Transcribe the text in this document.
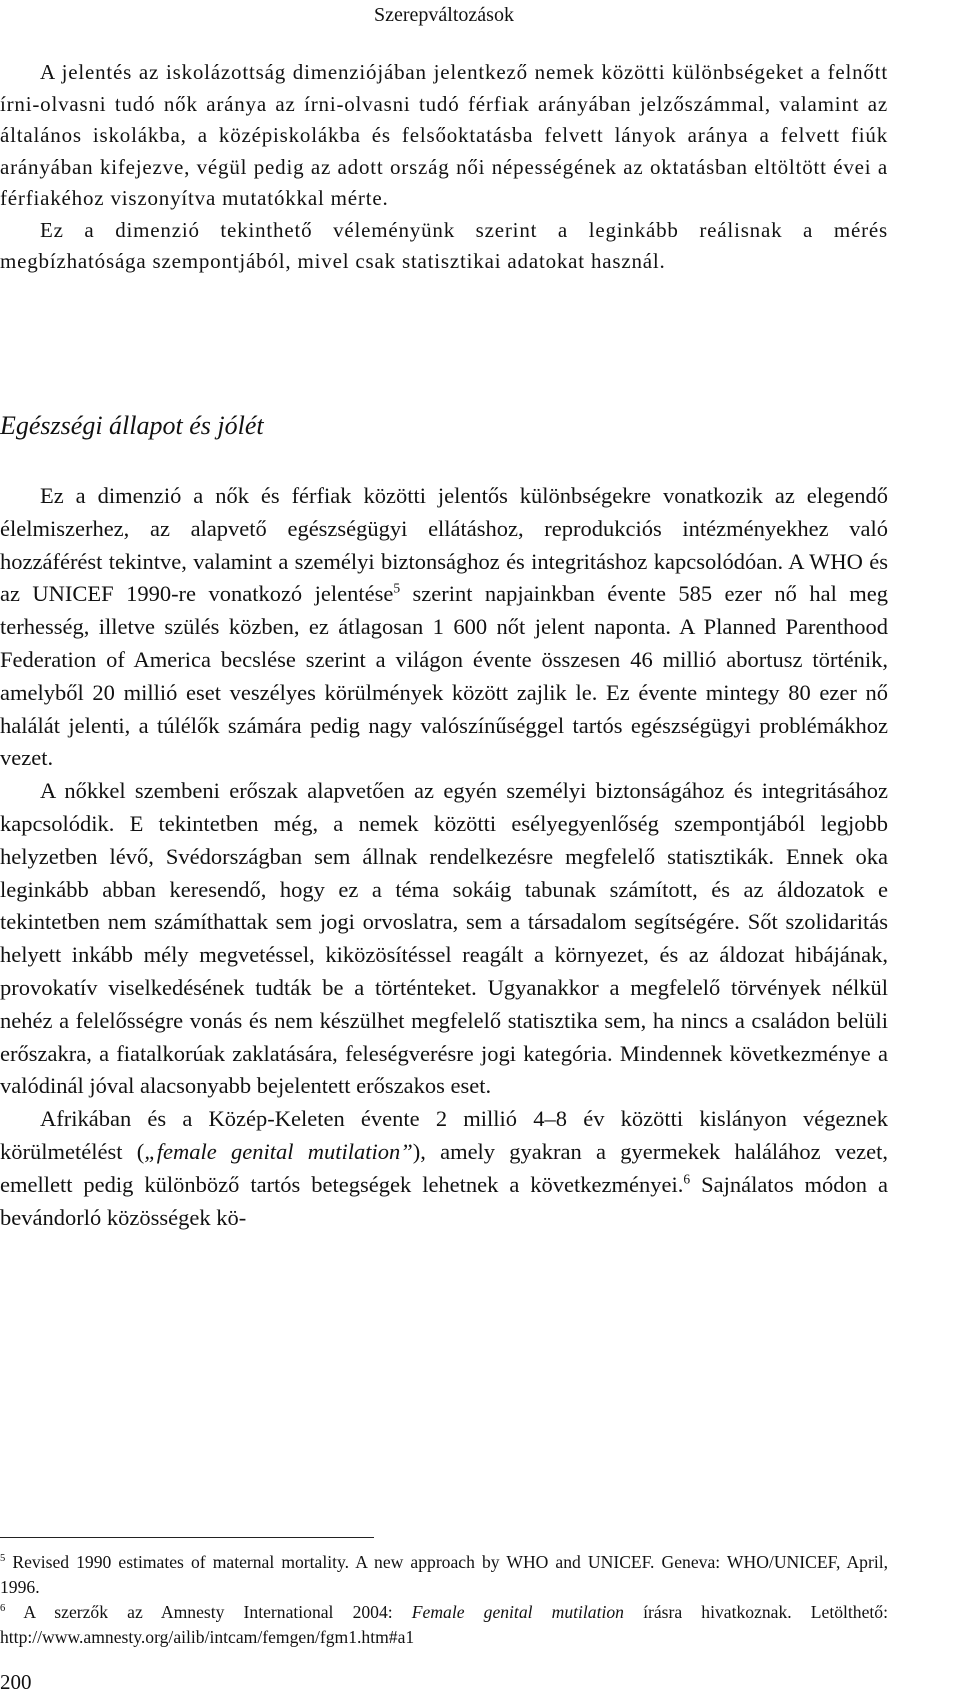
Szerepváltozások

A jelentés az iskolázottság dimenziójában jelentkező nemek közötti különbségeket a felnőtt írni-olvasni tudó nők aránya az írni-olvasni tudó férfiak arányában jelzőszámmal, valamint az általános iskolákba, a középiskolákba és felsőoktatásba felvett lányok aránya a felvett fiúk arányában kifejezve, végül pedig az adott ország női népességének az oktatásban eltöltött évei a férfiakéhoz viszonyítva mutatókkal mérte.

Ez a dimenzió tekinthető véleményünk szerint a leginkább reálisnak a mérés megbízhatósága szempontjából, mivel csak statisztikai adatokat használ.

Egészségi állapot és jólét

Ez a dimenzió a nők és férfiak közötti jelentős különbségekre vonatkozik az elegendő élelmiszerhez, az alapvető egészségügyi ellátáshoz, reprodukciós intézményekhez való hozzáférést tekintve, valamint a személyi biztonsághoz és integritáshoz kapcsolódóan. A WHO és az UNICEF 1990-re vonatkozó jelentése$^5$ szerint napjainkban évente 585 ezer nő hal meg terhesség, illetve szülés közben, ez átlagosan 1 600 nőt jelent naponta. A Planned Parenthood Federation of America becslése szerint a világon évente összesen 46 millió abortusz történik, amelyből 20 millió eset veszélyes körülmények között zajlik le. Ez évente mintegy 80 ezer nő halálát jelenti, a túlélők számára pedig nagy valószínűséggel tartós egészségügyi problémákhoz vezet.

A nőkkel szembeni erőszak alapvetően az egyén személyi biztonságához és integritásához kapcsolódik. E tekintetben még, a nemek közötti esélyegyenlőség szempontjából legjobb helyzetben lévő, Svédországban sem állnak rendelkezésre megfelelő statisztikák. Ennek oka leginkább abban keresendő, hogy ez a téma sokáig tabunak számított, és az áldozatok e tekintetben nem számíthattak sem jogi orvoslatra, sem a társadalom segítségére. Sőt szolidaritás helyett inkább mély megvetéssel, kiközösítéssel reagált a környezet, és az áldozat hibájának, provokatív viselkedésének tudták be a történteket. Ugyanakkor a megfelelő törvények nélkül nehéz a felelősségre vonás és nem készülhet megfelelő statisztika sem, ha nincs a családon belüli erőszakra, a fiatalkorúak zaklatására, feleségverésre jogi kategória. Mindennek következménye a valódinál jóval alacsonyabb bejelentett erőszakos eset.

Afrikában és a Közép-Keleten évente 2 millió 4–8 év közötti kislányon végeznek körülmetélést („female genital mutilation”), amely gyakran a gyermekek halálához vezet, emellett pedig különböző tartós betegségek lehetnek a következményei.$^6$ Sajnálatos módon a bevándorló közösségek kö-

$^5$ Revised 1990 estimates of maternal mortality. A new approach by WHO and UNICEF. Geneva: WHO/UNICEF, April, 1996.

$^6$ A szerzők az Amnesty International 2004: Female genital mutilation írásra hivatkoznak. Letölthető: http://www.amnesty.org/ailib/intcam/femgen/fgm1.htm#a1

200
